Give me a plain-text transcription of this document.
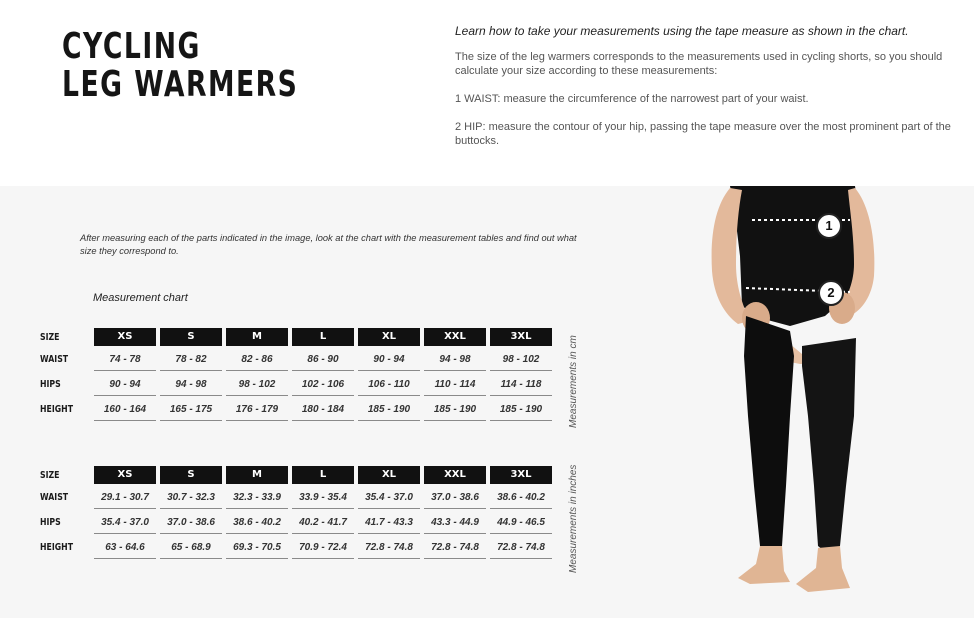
CYCLING
LEG WARMERS

Learn how to take your measurements using the tape measure as shown in the chart.

The size of the leg warmers corresponds to the measurements used in cycling shorts, so you should calculate your size according to these measurements:

1 WAIST: measure the circumference of the narrowest part of your waist.

2 HIP: measure the contour of your hip, passing the tape measure over the most prominent part of the buttocks.

After measuring each of the parts indicated in the image, look at the chart with the measurement tables and find out what size they correspond to.

Measurement chart

SIZE	XS	S	M	L	XL	XXL	3XL
WAIST	74 - 78	78 - 82	82 - 86	86 - 90	90 - 94	94 - 98	98 - 102
HIPS	90 - 94	94 - 98	98 - 102	102 - 106	106 - 110	110 - 114	114 - 118
HEIGHT	160 - 164	165 - 175	176 - 179	180 - 184	185 - 190	185 - 190	185 - 190
SIZE	XS	S	M	L	XL	XXL	3XL
WAIST	29.1 - 30.7	30.7 - 32.3	32.3 - 33.9	33.9 - 35.4	35.4 - 37.0	37.0 - 38.6	38.6 - 40.2
HIPS	35.4 - 37.0	37.0 - 38.6	38.6 - 40.2	40.2 - 41.7	41.7 - 43.3	43.3 - 44.9	44.9 - 46.5
HEIGHT	63 - 64.6	65 - 68.9	69.3 - 70.5	70.9 - 72.4	72.8 - 74.8	72.8 - 74.8	72.8 - 74.8
Measurements in cm
Measurements in inches
1
2
